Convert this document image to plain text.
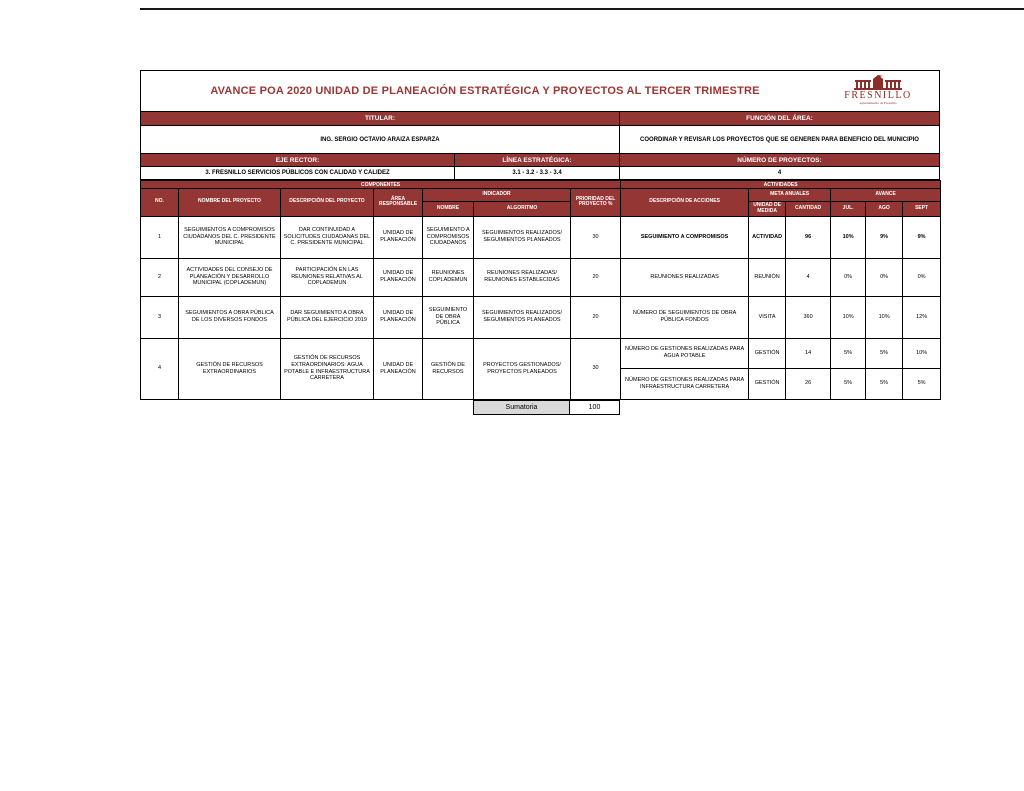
AVANCE POA 2020 UNIDAD DE PLANEACIÓN ESTRATÉGICA Y PROYECTOS AL TERCER TRIMESTRE	FRESNILLO
Ayuntamiento de Fresnillo
TITULAR:	FUNCIÓN DEL ÁREA:
ING. SERGIO OCTAVIO ARAIZA ESPARZA	COORDINAR Y REVISAR LOS PROYECTOS QUE SE GENEREN PARA BENEFICIO DEL MUNICIPIO
EJE RECTOR:	LÍNEA ESTRATÉGICA:	NÚMERO DE PROYECTOS:
3. FRESNILLO SERVICIOS PÚBLICOS CON CALIDAD Y CALIDEZ	3.1 - 3.2 - 3.3 - 3.4	4
COMPONENTES							ACTIVIDADES					
NO.	NOMBRE DEL PROYECTO	DESCRIPCIÓN DEL PROYECTO	ÁREA RESPONSABLE	INDICADOR		PRIORIDAD DEL PROYECTO %	DESCRIPCIÓN DE ACCIONES	META ANUALES		AVANCE		
				NOMBRE	ALGORITMO			UNIDAD DE MEDIDA	CANTIDAD	JUL.	AGO	SEPT
1	SEGUIMIENTOS A COMPROMISOS CIUDADANOS DEL C. PRESIDENTE MUNICIPAL	DAR CONTINUIDAD A SOLICITUDES CIUDADANAS DEL C. PRESIDENTE MUNICIPAL	UNIDAD DE PLANEACIÓN	SEGUIMIENTO A COMPROMISOS CIUDADANOS	SEGUIMIENTOS REALIZADOS/ SEGUIMIENTOS PLANEADOS	30	SEGUIMIENTO A COMPROMISOS	ACTIVIDAD	96	10%	9%	9%
2	ACTIVIDADES DEL CONSEJO DE PLANEACIÓN Y DESARROLLO MUNICIPAL (COPLADEMUN)	PARTICIPACIÓN EN LAS REUNIONES RELATIVAS AL COPLADEMUN	UNIDAD DE PLANEACIÓN	REUNIONES COPLADEMUN	REUNIONES REALIZADAS/ REUNIONES ESTABLECIDAS	20	REUNIONES REALIZADAS	REUNIÓN	4	0%	0%	0%
3	SEGUIMIENTOS A OBRA PÚBLICA DE LOS DIVERSOS FONDOS	DAR SEGUIMIENTO A OBRA PÚBLICA DEL EJERCICIO 2019	UNIDAD DE PLANEACIÓN	SEGUIMIENTO DE OBRA PÚBLICA	SEGUIMIENTOS REALIZADOS/ SEGUIMIENTOS PLANEADOS	20	NÚMERO DE SEGUIMIENTOS DE OBRA PÚBLICA FONDOS	VISITA	360	10%	10%	12%
4	GESTIÓN DE RECURSOS EXTRAORDINARIOS	GESTIÓN DE RECURSOS EXTRAORDINARIOS: AGUA POTABLE E INFRAESTRUCTURA CARRETERA	UNIDAD DE PLANEACIÓN	GESTIÓN DE RECURSOS	PROYECTOS GESTIONADOS/ PROYECTOS PLANEADOS	30	NÚMERO DE GESTIONES REALIZADAS PARA AGUA POTABLE	GESTIÓN	14	5%	5%	10%
							NÚMERO DE GESTIONES REALIZADAS PARA INFRAESTRUCTURA CARRETERA	GESTIÓN	26	5%	5%	5%
Sumatoria	100
